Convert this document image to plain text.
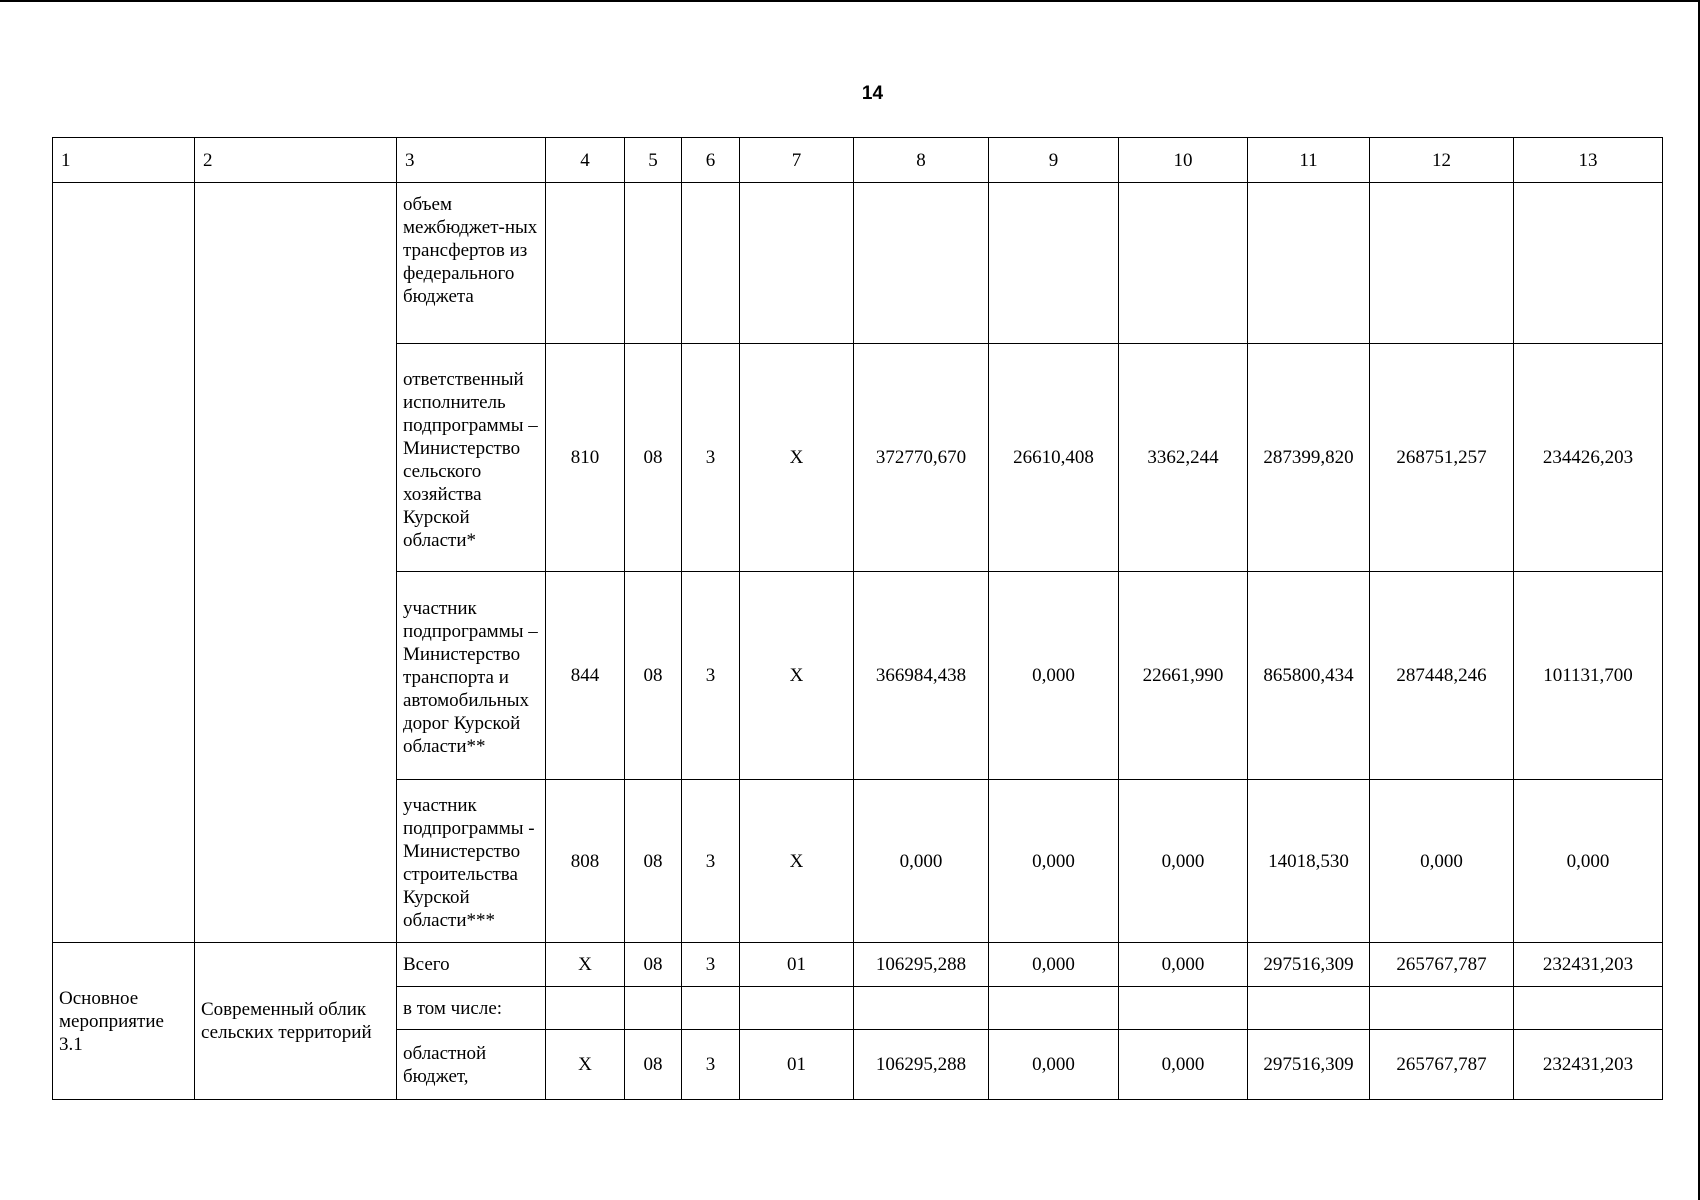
14
1	2	3	4	5	6	7	8	9	10	11	12	13
		объем межбюджет-ных трансфертов из федерального бюджета										
		ответственный исполнитель подпрограммы – Министерство сельского хозяйства Курской области*	810	08	3	X	372770,670	26610,408	3362,244	287399,820	268751,257	234426,203
		участник подпрограммы – Министерство транспорта и автомобильных дорог Курской области**	844	08	3	X	366984,438	0,000	22661,990	865800,434	287448,246	101131,700
		участник подпрограммы - Министерство строительства Курской области***	808	08	3	X	0,000	0,000	0,000	14018,530	0,000	0,000
Основное мероприятие 3.1	Современный облик сельских территорий	Всего	X	08	3	01	106295,288	0,000	0,000	297516,309	265767,787	232431,203
		в том числе:										
		областной бюджет,	X	08	3	01	106295,288	0,000	0,000	297516,309	265767,787	232431,203
